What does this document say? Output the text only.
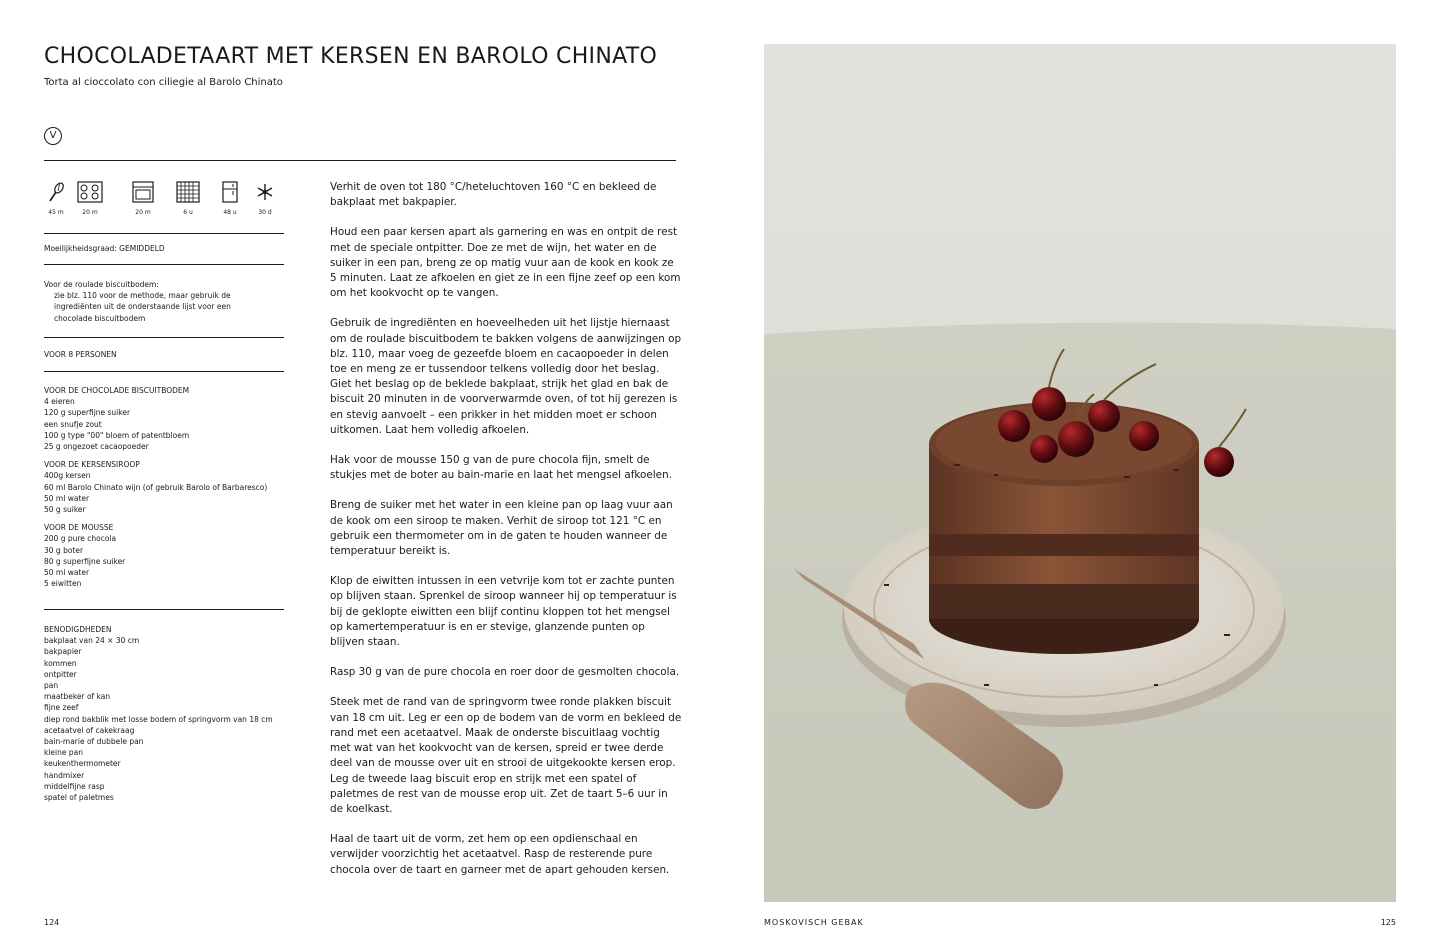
CHOCOLADETAART MET KERSEN EN BAROLO CHINATO
Torta al cioccolato con ciliegie al Barolo Chinato
V
45 m	20 m	20 m	6 u	48 u	30 d
Moeilijkheidsgraad: GEMIDDELD
Voor de roulade biscuitbodem:
zie blz. 110 voor de methode, maar gebruik de
ingrediënten uit de onderstaande lijst voor een
chocolade biscuitbodem
VOOR 8 PERSONEN
VOOR DE CHOCOLADE BISCUITBODEM
4 eieren
120 g superfijne suiker
een snufje zout
100 g type "00" bloem of patentbloem
25 g ongezoet cacaopoeder
VOOR DE KERSENSIROOP
400g kersen
60 ml Barolo Chinato wijn (of gebruik Barolo of Barbaresco)
50 ml water
50 g suiker
VOOR DE MOUSSE
200 g pure chocola
30 g boter
80 g superfijne suiker
50 ml water
5 eiwitten
BENODIGDHEDEN
bakplaat van 24 × 30 cm
bakpapier
kommen
ontpitter
pan
maatbeker of kan
fijne zeef
diep rond bakblik met losse bodem of springvorm van 18 cm
acetaatvel of cakekraag
bain-marie of dubbele pan
kleine pan
keukenthermometer
handmixer
middelfijne rasp
spatel of paletmes

Verhit de oven tot 180 °C/heteluchtoven 160 °C en bekleed de bakplaat met bakpapier.

Houd een paar kersen apart als garnering en was en ontpit de rest met de speciale ontpitter. Doe ze met de wijn, het water en de suiker in een pan, breng ze op matig vuur aan de kook en kook ze 5 minuten. Laat ze afkoelen en giet ze in een fijne zeef op een kom om het kookvocht op te vangen.

Gebruik de ingrediënten en hoeveelheden uit het lijstje hiernaast om de roulade biscuitbodem te bakken volgens de aanwijzingen op blz. 110, maar voeg de gezeefde bloem en cacaopoeder in delen toe en meng ze er tussendoor telkens volledig door het beslag. Giet het beslag op de beklede bakplaat, strijk het glad en bak de biscuit 20 minuten in de voorverwarmde oven, of tot hij gerezen is en stevig aanvoelt – een prikker in het midden moet er schoon uitkomen. Laat hem volledig afkoelen.

Hak voor de mousse 150 g van de pure chocola fijn, smelt de stukjes met de boter au bain-marie en laat het mengsel afkoelen.

Breng de suiker met het water in een kleine pan op laag vuur aan de kook om een siroop te maken. Verhit de siroop tot 121 °C en gebruik een thermometer om in de gaten te houden wanneer de temperatuur bereikt is.

Klop de eiwitten intussen in een vetvrije kom tot er zachte punten op blijven staan. Sprenkel de siroop wanneer hij op temperatuur is bij de geklopte eiwitten een blijf continu kloppen tot het mengsel op kamertemperatuur is en er stevige, glanzende punten op blijven staan.

Rasp 30 g van de pure chocola en roer door de gesmolten chocola.

Steek met de rand van de springvorm twee ronde plakken biscuit van 18 cm uit. Leg er een op de bodem van de vorm en bekleed de rand met een acetaatvel. Maak de onderste biscuitlaag vochtig met wat van het kookvocht van de kersen, spreid er twee derde deel van de mousse over uit en strooi de uitgekookte kersen erop. Leg de tweede laag biscuit erop en strijk met een spatel of paletmes de rest van de mousse erop uit. Zet de taart 5–6 uur in de koelkast.

Haal de taart uit de vorm, zet hem op een opdienschaal en verwijder voorzichtig het acetaatvel. Rasp de resterende pure chocola over de taart en garneer met de apart gehouden kersen.

124	MOSKOVISCH GEBAK	125
